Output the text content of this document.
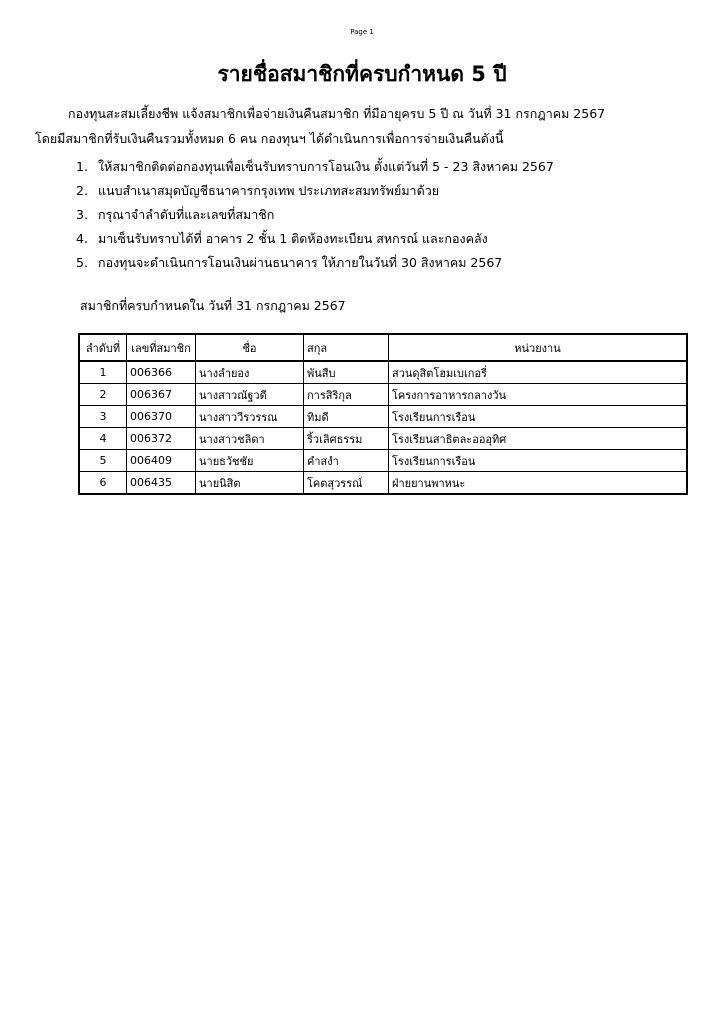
Page 1
รายชื่อสมาชิกที่ครบกำหนด 5 ปี
กองทุนสะสมเลี้ยงชีพ แจ้งสมาชิกเพื่อจ่ายเงินคืนสมาชิก ที่มีอายุครบ 5 ปี ณ วันที่ 31 กรกฎาคม 2567
โดยมีสมาชิกที่รับเงินคืนรวมทั้งหมด 6 คน กองทุนฯ ได้ดำเนินการเพื่อการจ่ายเงินคืนดังนี้
1. ให้สมาชิกติดต่อกองทุนเพื่อเซ็นรับทราบการโอนเงิน ตั้งแต่วันที่ 5 - 23 สิงหาคม 2567
2. แนบสำเนาสมุดบัญชีธนาคารกรุงเทพ ประเภทสะสมทรัพย์มาด้วย
3. กรุณาจำลำดับที่และเลขที่สมาชิก
4. มาเซ็นรับทราบได้ที่ อาคาร 2 ชั้น 1 ติดห้องทะเบียน สหกรณ์ และกองคลัง
5. กองทุนจะดำเนินการโอนเงินผ่านธนาคาร ให้ภายในวันที่ 30 สิงหาคม 2567
สมาชิกที่ครบกำหนดใน วันที่ 31 กรกฎาคม 2567
ลำดับที่	เลขที่สมาชิก	ชื่อ	สกุล	หน่วยงาน
1	006366	นางลำยอง	พันสืบ	สวนดุสิตโฮมเบเกอรี่
2	006367	นางสาวณัฐวดี	การสิริกุล	โครงการอาหารกลางวัน
3	006370	นางสาววีรวรรณ	ทิมดี	โรงเรียนการเรือน
4	006372	นางสาวชลิดา	ริ้วเลิศธรรม	โรงเรียนสาธิตละอออุทิศ
5	006409	นายธวัชชัย	คำสงำ	โรงเรียนการเรือน
6	006435	นายนิสิต	โคตสุวรรณ์	ฝ่ายยานพาหนะ
